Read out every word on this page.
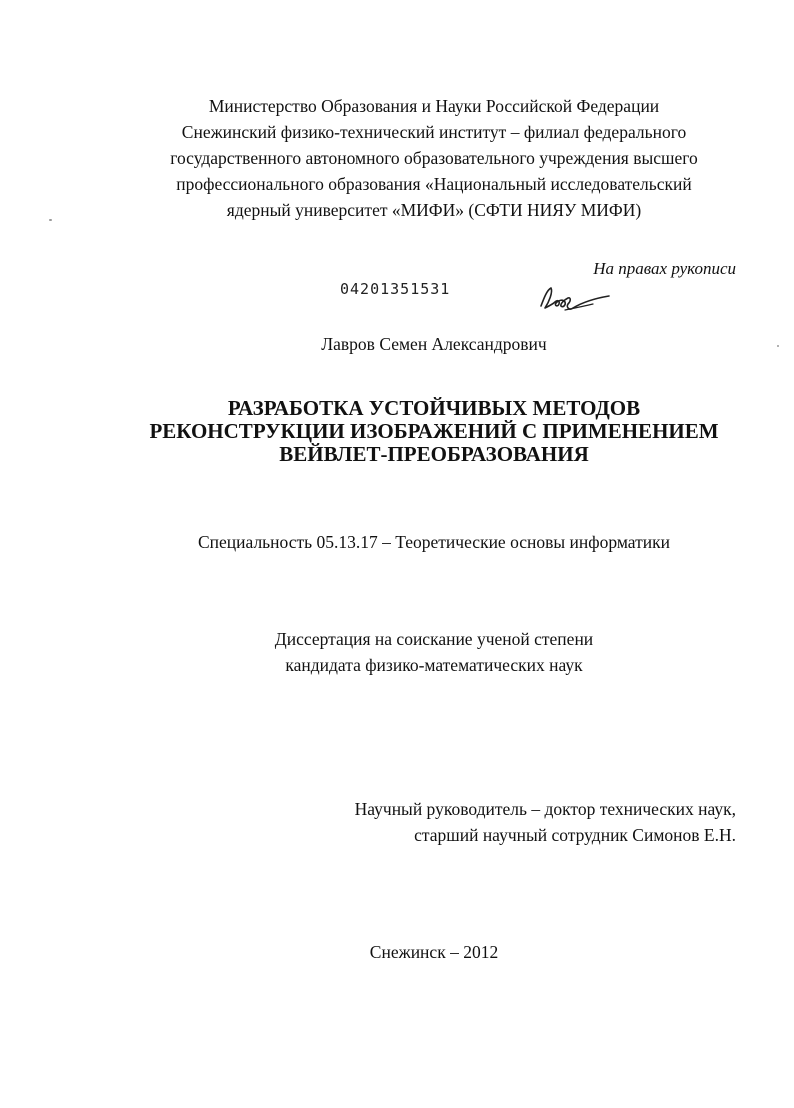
Министерство Образования и Науки Российской Федерации
Снежинский физико-технический институт – филиал федерального
государственного автономного образовательного учреждения высшего
профессионального образования «Национальный исследовательский
ядерный университет «МИФИ» (СФТИ НИЯУ МИФИ)
На правах рукописи
04201351531
Лавров Семен Александрович
РАЗРАБОТКА УСТОЙЧИВЫХ МЕТОДОВ
РЕКОНСТРУКЦИИ ИЗОБРАЖЕНИЙ С ПРИМЕНЕНИЕМ
ВЕЙВЛЕТ-ПРЕОБРАЗОВАНИЯ
Специальность 05.13.17 – Теоретические основы информатики
Диссертация на соискание ученой степени
кандидата физико-математических наук
Научный руководитель – доктор технических наук,
старший научный сотрудник Симонов Е.Н.
Снежинск – 2012
